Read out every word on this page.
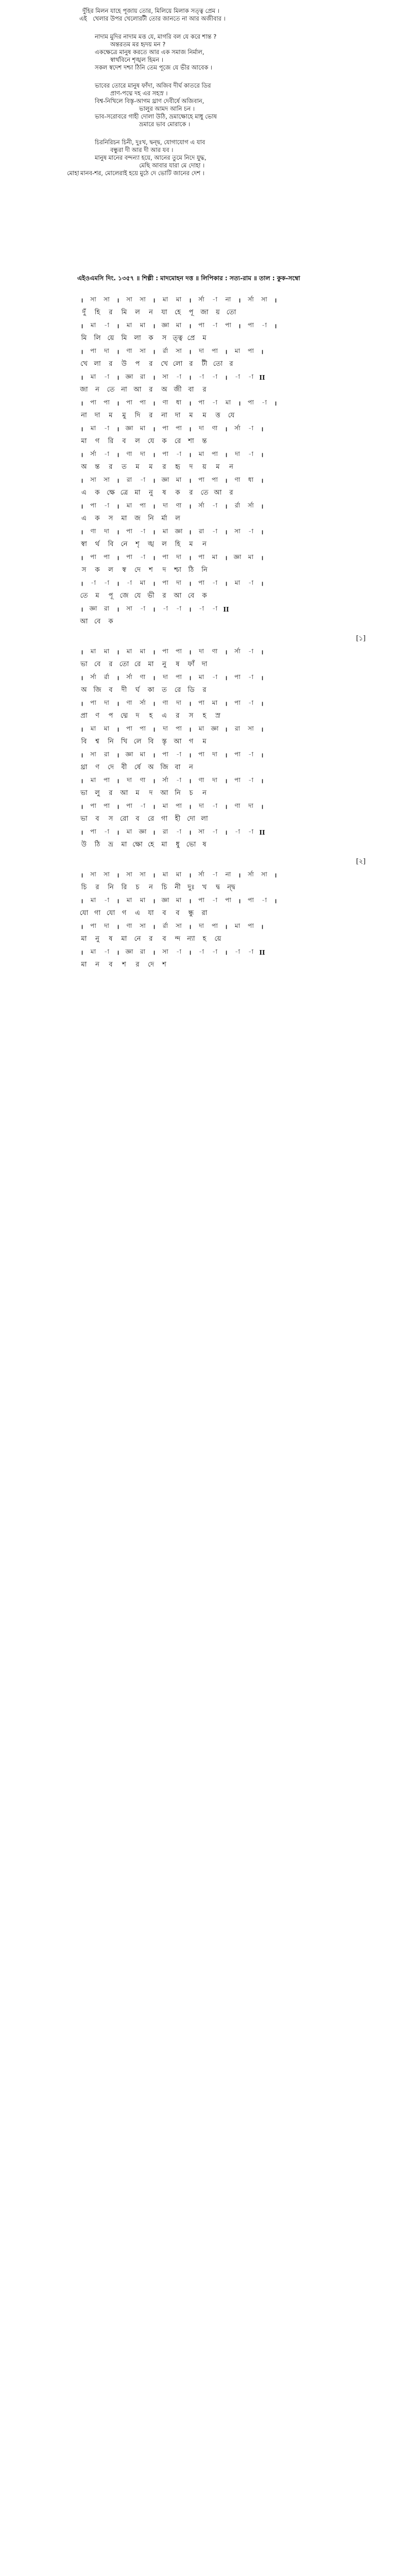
দুঁহির মিলন যাহে পূজায় তোর, মিলিয়ে মিলাক সত্ত্ব প্রেম ।
এই খেলার উপর খেলোরটী তোর জানতে না আর অজীবার ।
নাদাম মুদির নাদাম মত্ত যে, মাগরি বল যে করে শান্ত ?
অন্তরতম মর হৃদয় মন ?
একক্ষেত্রে মানুষ করতে আর এক সমাজ নির্মাল,
স্বার্থবিনে শৃঙ্খল হিমন ।
সকল স্বদেশ দশ্চা ঠিনি তেম পূজে যে ভীর আবেক ।
ভাবের তোরে মানুষ ফাঁদা, অজিব দীর্ঘ কাতরে ডির
প্রাণ-পদ্মে দহ এর সহস্র ।
বিশ্ব-নিখিলে বিস্তৃ-আগম থ্রাণ দেবীর্ষে অজিবান,
ভালুর আমদ আনি চন ।
ভাব-সরোবরে গাহী দোলা উঠি, ভ্রমাক্ষোহে মাধু ভোষ
ভ্রমারে ভাব মোরাকে ।
চিরনিরিচন চিনী, দুঃখ, দ্বন্দ্ব, যোগাযোগ এ যাব
বন্ধুরা দী আর দী আর যব ।
মানুষ মানের বন্দন্যা হয়ে, আনের তুমে নিদে যুদ্ধ,
মেছি আবার যারা মে দোহা ।
মোহা মানব-শর, মোলেরাই হয়ে মুঠে দে ভোটি জানের দেশ ।
এইওএমসি দিং. ১৩৫৭ ॥ শিল্পী : মাদমোহন দত্ত ॥ লিপিকার : সত্য-রাম ॥ তাল : কুক-সম্বো
।	সা	সা	।	সা	সা	।	মা	মা	।	র্সা	-া	না	।	র্সা	সা	।
দুঁ	হি	র	মি	ল	ন	যা	হে	পূ	জা	য় তো
।	মা	-া	।	মা	মা	।	জ্ঞা	মা	।	পা	-া	পা	।	পা	-া	।
মি	লি য়ে	মি	লা	ক	স ত্ত্ব প্রে	ম
।	পা	দা	।	ণা	সা	।	র্রা	সা	।	দা	পা	।	মা	পা	।
খে লা	র	উ	প	র	খে লো	র	টী তো	র
।	মা	-া	।	জ্ঞা	রা	।	সা	-া	।	-া	-া	।	-া	-া II
জা	ন	তে না আ	র	অ জী বা	র
।	পা	পা	।	পা	পা	।	ণা	ধা	।	পা	-া	মা	।	পা	-া	।
না	দা	ম	মু	দি	র	না	দা	ম	ম	ত্ত	যে
।	মা	-া	।	জ্ঞা	মা	।	পা	পা	।	দা	ণা	।	র্সা	-া	।
মা	গ	রি	ব	ল	যে	ক	রে	শা	ন্ত
।	র্সা	-া	।	ণা	দা	।	পা	-া	।	মা	পা	।	দা	-া	।
অ	ন্ত	র	ত	ম	ম	র	হৃ	দ	য়	ম	ন
।	সা	সা	।	রা	-া	।	জ্ঞা	মা	।	পা	পা	।	ণা	ধা	।
এ	ক	ক্ষে ত্রে	মা	নু	ষ	ক	র	তে আ	র
।	পা	-া	।	মা	পা	।	দা	ণা	।	র্সা	-া	।	র্রা	র্সা	।
এ	ক	স	মা	জ	নি	র্মা	ল
।	ণা	দা	।	পা	-া	।	মা	জ্ঞা	।	রা	-া	।	সা	-া	।
স্বা	র্থ	বি	নে	শৃ	ঙ্খ	ল	হি	ম	ন
।	পা	পা	।	পা	-া	।	পা	দা	।	পা	মা	।	জ্ঞা	মা	।
স	ক	ল	স্ব	দে	শ	দ	শ্চা	ঠি	নি
।	-া	-া	।	-া	মা	।	পা	দা	।	পা	-া	।	মা	-া	।
তে	ম	পূ	জে যে ভী	র	আ বে	ক
।	জ্ঞা	রা	।	সা	-া	।	-া	-া	।	-া	-া II
আ বে	ক
[১]
।	মা	মা	।	মা	মা	।	পা	পা	।	দা	ণা	।	র্সা	-া	।
ভা	বে	র	তো রে	মা	নু	ষ	ফাঁ	দা
।	র্সা	র্রা	।	র্সা	ণা	।	দা	পা	।	মা	-া	।	পা	-া	।
অ জি	ব	দী	র্ঘ	কা	ত	রে	ডি	র
।	পা	দা	।	ণা	র্সা	।	ণা	দা	।	পা	মা	।	পা	-া	।
প্রা	ণ	প	দ্মে	দ	হ	এ	র	স	হ	স্র
।	মা	মা	।	পা	পা	।	দা	পা	।	মা	জ্ঞা	।	রা	সা	।
বি	শ্ব	নি	খি লে	বি	স্তৃ	আ	গ	ম
।	সা	রা	।	জ্ঞা	মা	।	পা	-া	।	পা	দা	।	পা	-া	।
থ্রা	ণ	দে	বী	র্ষে	অ জি বা	ন
।	মা	পা	।	দা	ণা	।	র্সা	-া	।	ণা	দা	।	পা	-া	।
ভা	লু	র	আ	ম	দ	আ নি	চ	ন
।	পা	পা	।	পা	-া	।	মা	পা	।	দা	-া	।	ণা	দা	।
ভা	ব	স	রো	ব	রে	গা	হী দো লা
।	পা	-া	।	মা	জ্ঞা	।	রা	-া	।	সা	-া	।	-া	-া II
উ	ঠি	ভ্র	মা ক্ষো হে	মা	ধু ভো	ষ
[২]
।	সা	সা	।	সা	সা	।	মা	মা	।	র্সা	-া	না	।	র্সা	সা	।
চি	র	নি	রি	চ	ন	চি	নী	দুঃ	খ	দ্ব	ন্দ্ব
।	মা	-া	।	মা	মা	।	জ্ঞা	মা	।	পা	-া	পা	।	পা	-া	।
যো গা যো	গ	এ	যা	ব	ব	ন্ধু	রা
।	পা	দা	।	ণা	সা	।	র্রা	সা	।	দা	পা	।	মা	পা	।
মা	নু	ষ	মা	নে	র	ব	ন্দ	ন্যা	হ	য়ে
।	মা	-া	।	জ্ঞা	রা	।	সা	-া	।	-া	-া	।	-া	-া II
মা	ন	ব	শ	র	দে	শ
